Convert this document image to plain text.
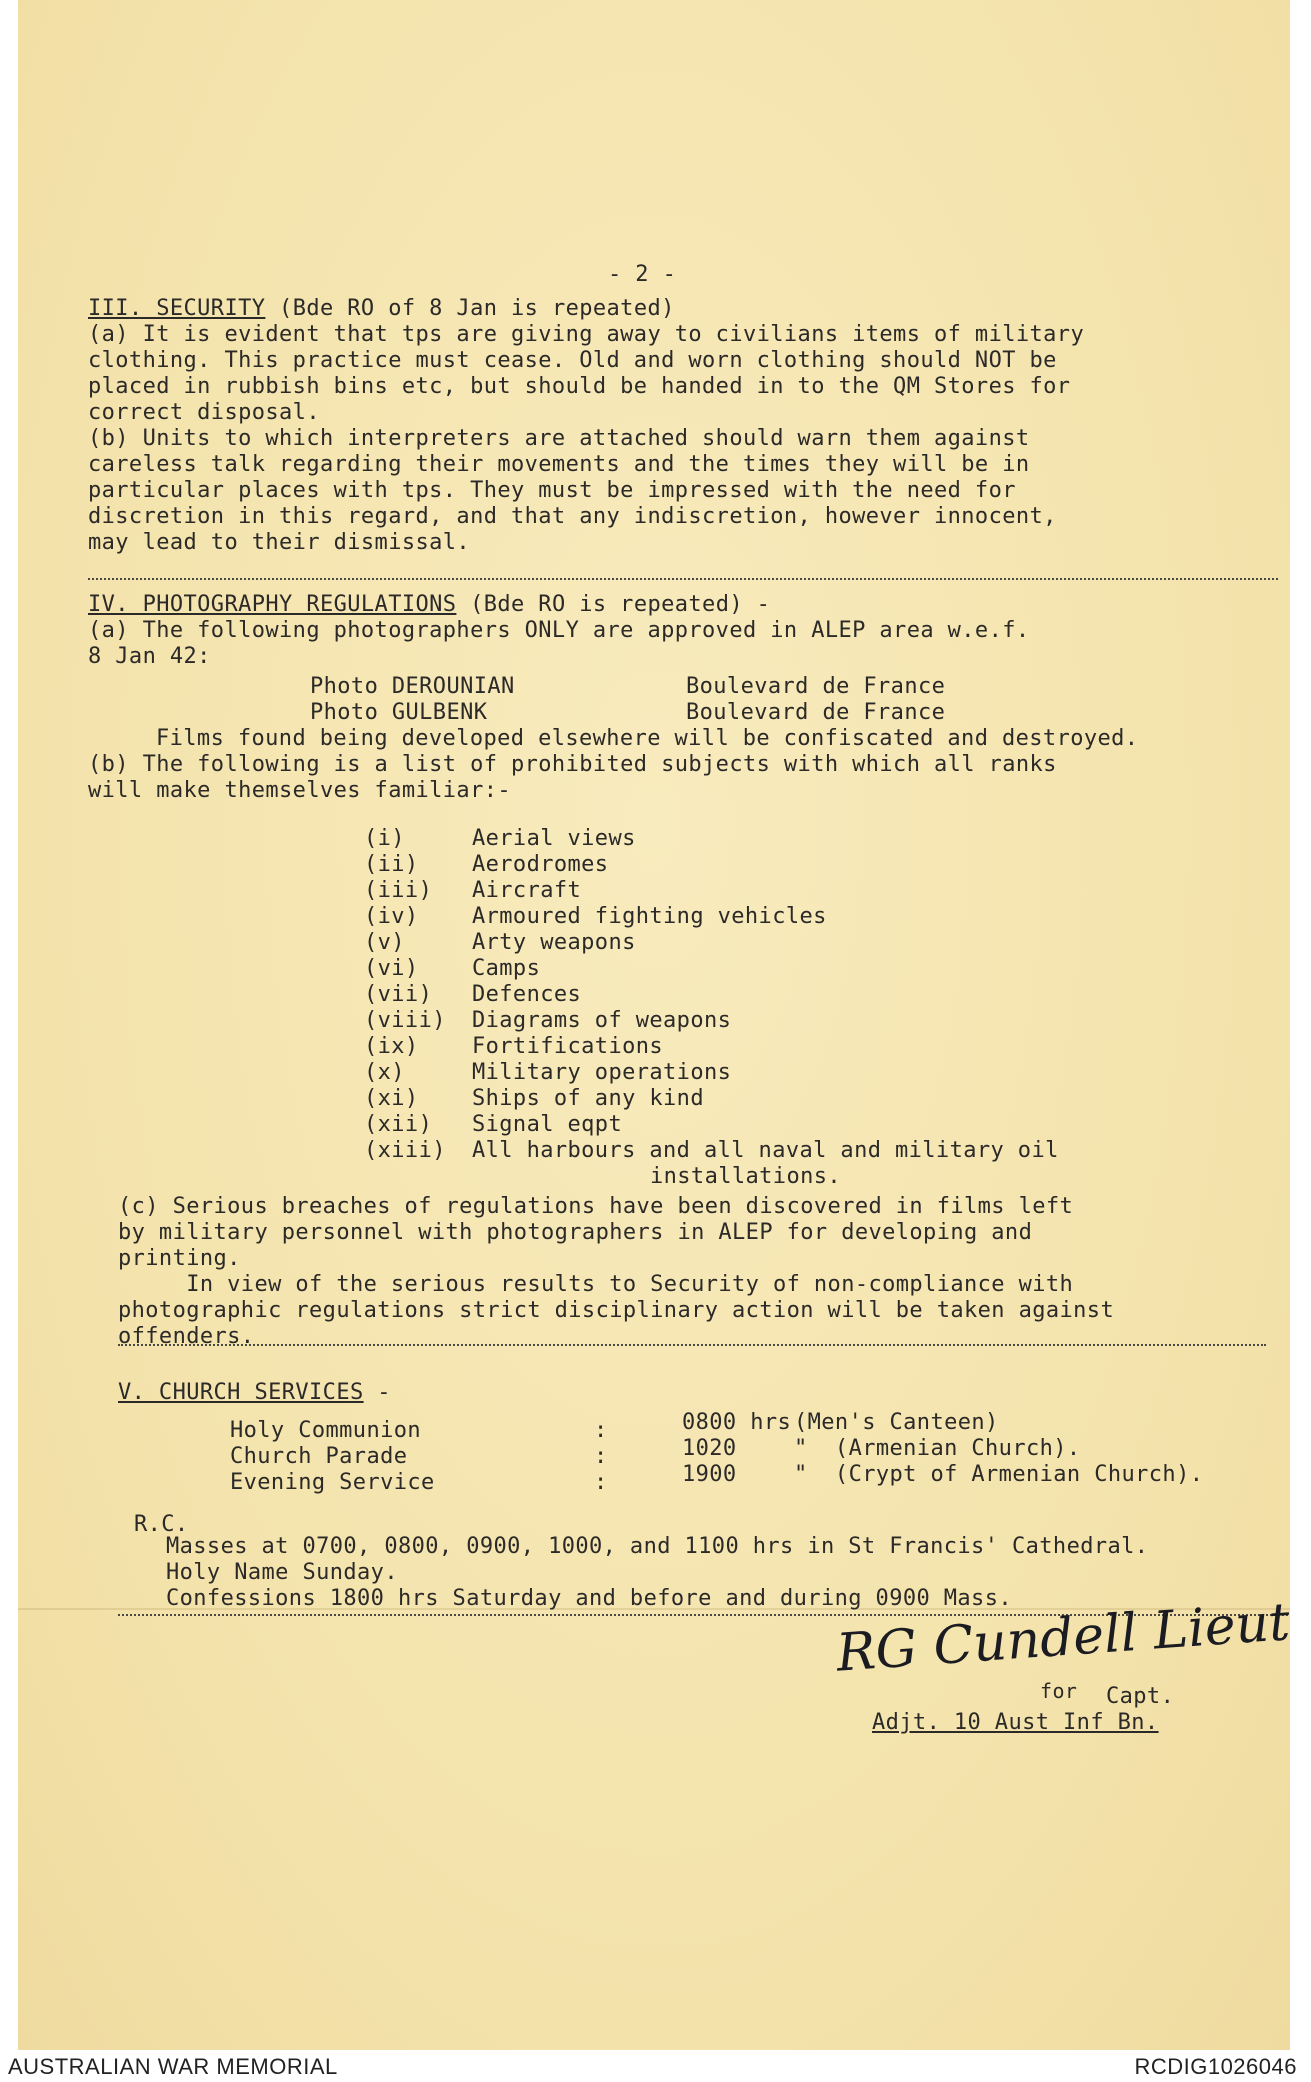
- 2 -
III. SECURITY (Bde RO of 8 Jan is repeated)
(a) It is evident that tps are giving away to civilians items of military
clothing. This practice must cease. Old and worn clothing should NOT be
placed in rubbish bins etc, but should be handed in to the QM Stores for
correct disposal.
(b) Units to which interpreters are attached should warn them against
careless talk regarding their movements and the times they will be in
particular places with tps. They must be impressed with the need for
discretion in this regard, and that any indiscretion, however innocent,
may lead to their dismissal.
IV. PHOTOGRAPHY REGULATIONS (Bde RO is repeated) -
(a) The following photographers ONLY are approved in ALEP area w.e.f.
8 Jan 42:
Photo DEROUNIAN	Boulevard de France
Photo GULBENK	Boulevard de France
Films found being developed elsewhere will be confiscated and destroyed.
(b) The following is a list of prohibited subjects with which all ranks
will make themselves familiar:-
(i)	Aerial views
(ii) Aerodromes
(iii) Aircraft
(iv) Armoured fighting vehicles
(v)	Arty weapons
(vi) Camps
(vii) Defences
(viii) Diagrams of weapons
(ix) Fortifications
(x)	Military operations
(xi) Ships of any kind
(xii) Signal eqpt
(xiii) All harbours and all naval and military oil
installations.
(c) Serious breaches of regulations have been discovered in films left
by military personnel with photographers in ALEP for developing and
printing.
In view of the serious results to Security of non-compliance with
photographic regulations strict disciplinary action will be taken against
offenders.
V. CHURCH SERVICES -
Holy Communion	:	0800 hrs (Men's Canteen)
Church Parade	:	1020	"  (Armenian Church).
Evening Service	:	1900	"  (Crypt of Armenian Church).
R.C.
Masses at 0700, 0800, 0900, 1000, and 1100 hrs in St Francis' Cathedral.
Holy Name Sunday.
Confessions 1800 hrs Saturday and before and during 0900 Mass.
RG Cundell Lieut
for Capt.
Adjt. 10 Aust Inf Bn.
AUSTRALIAN WAR MEMORIAL	RCDIG1026046
